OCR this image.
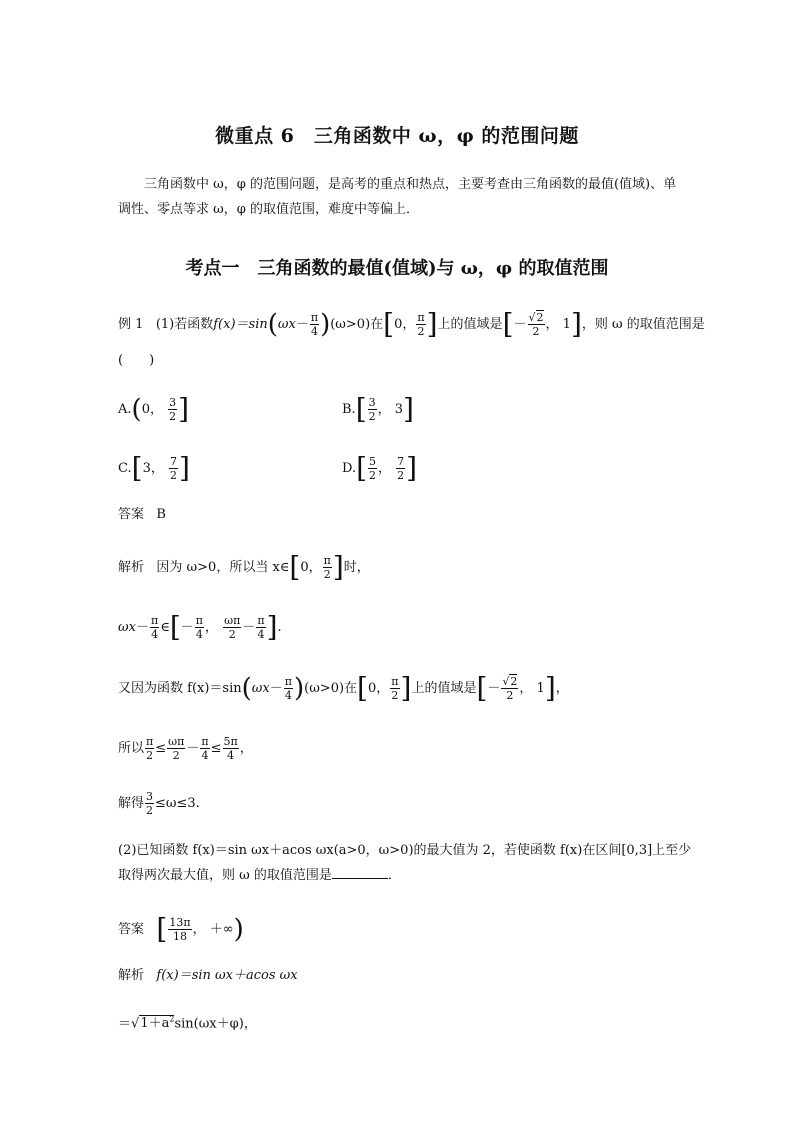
微重点 6　三角函数中 ω，φ 的范围问题
三角函数中 ω，φ 的范围问题，是高考的重点和热点，主要考查由三角函数的最值(值域)、单调性、零点等求 ω，φ 的取值范围，难度中等偏上．
考点一　三角函数的最值(值域)与 ω，φ 的取值范围
例 1 (1)若函数$f(x)=\sin(\omega x- \frac{\pi}{4} )(\omega>0)$在[0， $\frac{\pi}{2}$ ]上的值域是[－ $\frac{√2}{2}$ ， 1]，则 ω 的取值范围是
(　　)
A.(0， $\frac{3}{2}$ ]	$B.[ \frac{3}{2}$ ， 3]
C.[3， $\frac{7}{2}$ ]	$D.[ \frac{5}{2}$ ， $\frac{7}{2}$ ]
答案 B
解析 因为 ω>0，所以当 x∈[0， $\frac{\pi}{2}$ ]时，
$\omega x- \frac{\pi}{4}$ ∈[－ $\frac{\pi}{4}$ ， $\frac{\omega\pi}{2} - \frac{\pi}{4}$ ].
又因为函数 $f(x)=\sin(\omega x- \frac{\pi}{4} )(\omega>0)$在[0， $\frac{\pi}{2}$ ]上的值域是[－ $\frac{√2}{2}$ ， 1]，
所以 $\frac{\pi}{2} \le \frac{\omega\pi}{2} - \frac{\pi}{4} \le \frac{5\pi}{4}$ ，
解得 $\frac{3}{2} \le\omega\le 3$.
(2)已知函数 f(x)＝sin ωx＋acos ωx(a>0，ω>0)的最大值为 2，若使函数 f(x)在区间[0,3]上至少
取得两次最大值，则 ω 的取值范围是	．
答案 [ $\frac{13\pi}{18}$ ， ＋∞)
解析 f(x)＝sin ωx＋acos ωx
$=√1+a^2\sin(\omega x+\varphi)$，
